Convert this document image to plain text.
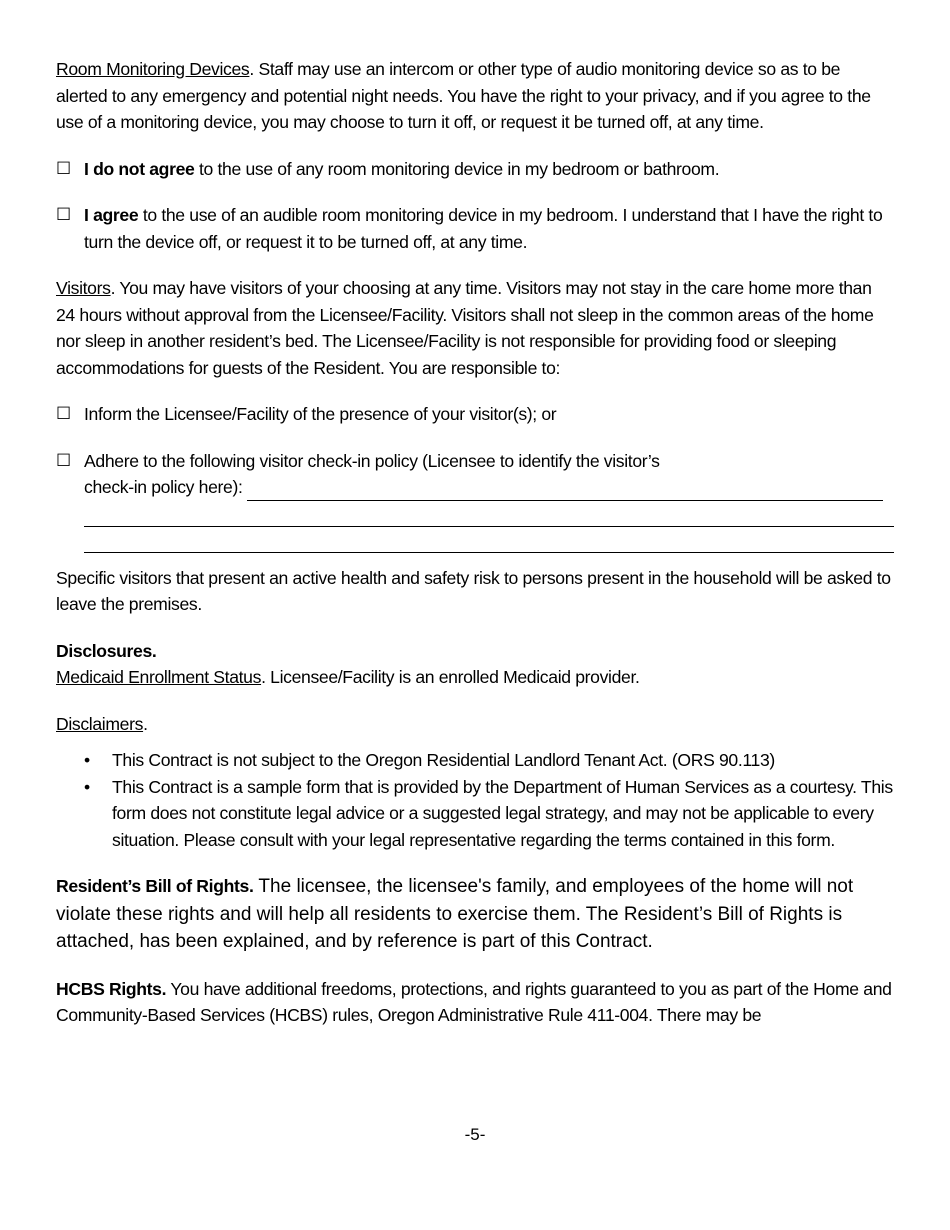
Room Monitoring Devices. Staff may use an intercom or other type of audio monitoring device so as to be alerted to any emergency and potential night needs. You have the right to your privacy, and if you agree to the use of a monitoring device, you may choose to turn it off, or request it be turned off, at any time.

☐ I do not agree to the use of any room monitoring device in my bedroom or bathroom.
☐ I agree to the use of an audible room monitoring device in my bedroom. I understand that I have the right to turn the device off, or request it to be turned off, at any time.

Visitors. You may have visitors of your choosing at any time. Visitors may not stay in the care home more than 24 hours without approval from the Licensee/Facility. Visitors shall not sleep in the common areas of the home nor sleep in another resident’s bed. The Licensee/Facility is not responsible for providing food or sleeping accommodations for guests of the Resident. You are responsible to:

☐ Inform the Licensee/Facility of the presence of your visitor(s); or
☐ Adhere to the following visitor check-in policy (Licensee to identify the visitor’s
check-in policy here):

Specific visitors that present an active health and safety risk to persons present in the household will be asked to leave the premises.

Disclosures.

Medicaid Enrollment Status. Licensee/Facility is an enrolled Medicaid provider.

Disclaimers.

• This Contract is not subject to the Oregon Residential Landlord Tenant Act. (ORS 90.113)
• This Contract is a sample form that is provided by the Department of Human Services as a courtesy. This form does not constitute legal advice or a suggested legal strategy, and may not be applicable to every situation. Please consult with your legal representative regarding the terms contained in this form.

Resident’s Bill of Rights. The licensee, the licensee's family, and employees of the home will not violate these rights and will help all residents to exercise them. The Resident’s Bill of Rights is attached, has been explained, and by reference is part of this Contract.

HCBS Rights. You have additional freedoms, protections, and rights guaranteed to you as part of the Home and Community-Based Services (HCBS) rules, Oregon Administrative Rule 411-004. There may be

-5-
